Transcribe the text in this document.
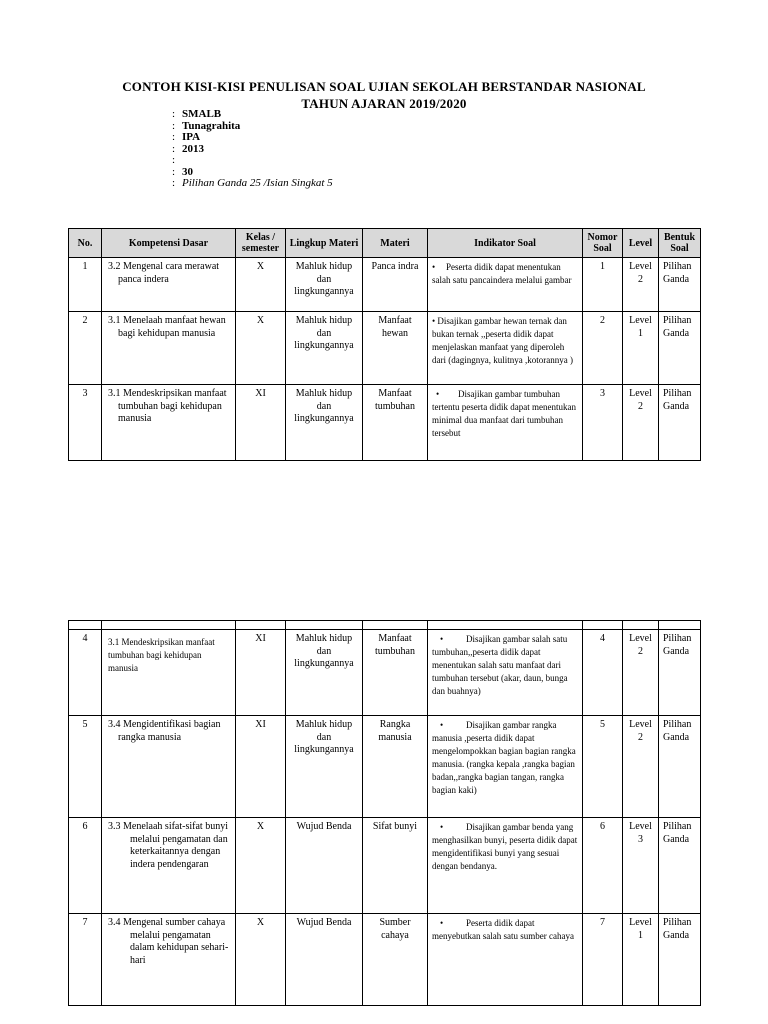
CONTOH KISI-KISI PENULISAN SOAL UJIAN SEKOLAH BERSTANDAR NASIONAL
TAHUN AJARAN 2019/2020
: SMALB
: Tunagrahita
: IPA
: 2013
:
: 30
: Pilihan Ganda 25 /Isian Singkat 5
No.	Kompetensi Dasar	Kelas / semester	Lingkup Materi	Materi	Indikator Soal	Nomor Soal	Level	Bentuk Soal
1	3.2 Mengenal cara merawat panca indera	X	Mahluk hidup dan lingkungannya	Panca indra	• Peserta didik dapat menentukan salah satu pancaindera melalui gambar	1	Level 2	Pilihan Ganda
2	3.1 Menelaah manfaat hewan bagi kehidupan manusia	X	Mahluk hidup dan lingkungannya	Manfaat hewan	• Disajikan gambar hewan ternak dan bukan ternak ,,peserta didik dapat menjelaskan manfaat yang diperoleh dari (dagingnya, kulitnya ,kotorannya )	2	Level 1	Pilihan Ganda
3	3.1 Mendeskripsikan manfaat tumbuhan bagi kehidupan manusia	XI	Mahluk hidup dan lingkungannya	Manfaat tumbuhan	• Disajikan gambar tumbuhan tertentu peserta didik dapat menentukan minimal dua manfaat dari tumbuhan tersebut	3	Level 2	Pilihan Ganda

4	3.1 Mendeskripsikan manfaat tumbuhan bagi kehidupan manusia	XI	Mahluk hidup dan lingkungannya	Manfaat tumbuhan	• Disajikan gambar salah satu tumbuhan,,peserta didik dapat menentukan salah satu manfaat dari tumbuhan tersebut (akar, daun, bunga dan buahnya)	4	Level 2	Pilihan Ganda
5	3.4 Mengidentifikasi bagian rangka manusia	XI	Mahluk hidup dan lingkungannya	Rangka manusia	• Disajikan gambar rangka manusia ,peserta didik dapat mengelompokkan bagian bagian rangka manusia. (rangka kepala ,rangka bagian badan,,rangka bagian tangan, rangka bagian kaki)	5	Level 2	Pilihan Ganda
6	3.3 Menelaah sifat-sifat bunyi melalui pengamatan dan keterkaitannya dengan indera pendengaran	X	Wujud Benda	Sifat bunyi	• Disajikan gambar benda yang menghasilkan bunyi, peserta didik dapat mengidentifikasi bunyi yang sesuai dengan bendanya.	6	Level 3	Pilihan Ganda
7	3.4 Mengenal sumber cahaya melalui pengamatan dalam kehidupan sehari-hari	X	Wujud Benda	Sumber cahaya	• Peserta didik dapat menyebutkan salah satu sumber cahaya	7	Level 1	Pilihan Ganda
